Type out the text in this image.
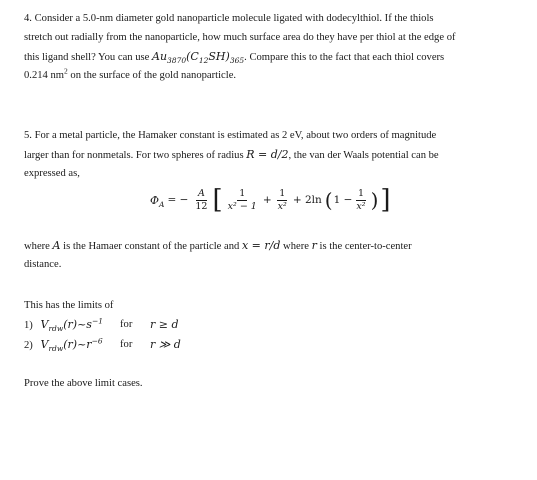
4. Consider a 5.0-nm diameter gold nanoparticle molecule ligated with dodecylthiol. If the thiols

stretch out radially from the nanoparticle, how much surface area do they have per thiol at the edge of

this ligand shell? You can use $Au_{3870}(C_{12}SH)_{365}$. Compare this to the fact that each thiol covers

0.214 $nm^2$ on the surface of the gold nanoparticle.

5. For a metal particle, the Hamaker constant is estimated as 2 eV, about two orders of magnitude

larger than for nonmetals. For two spheres of radius R = d/2, the van der Waals potential can be

expressed as,

$\Phi_A$ = − $\frac{A}{12}$ [ $\frac{1}{\text{x² − 1}} + \frac{1}{\text{x²}} + 2\ln$ ( $1 - \frac{1}{\text{x²}}$ ) ]

where A is the Hamaer constant of the particle and x = r/d where r is the center-to-center

distance.

This has the limits of

1) $V_{rdw}(r)\sim s^{-1}$ for r ≥ d
2) $V_{rdw}(r)\sim r^{-6}$ for r ≫ d

Prove the above limit cases.
